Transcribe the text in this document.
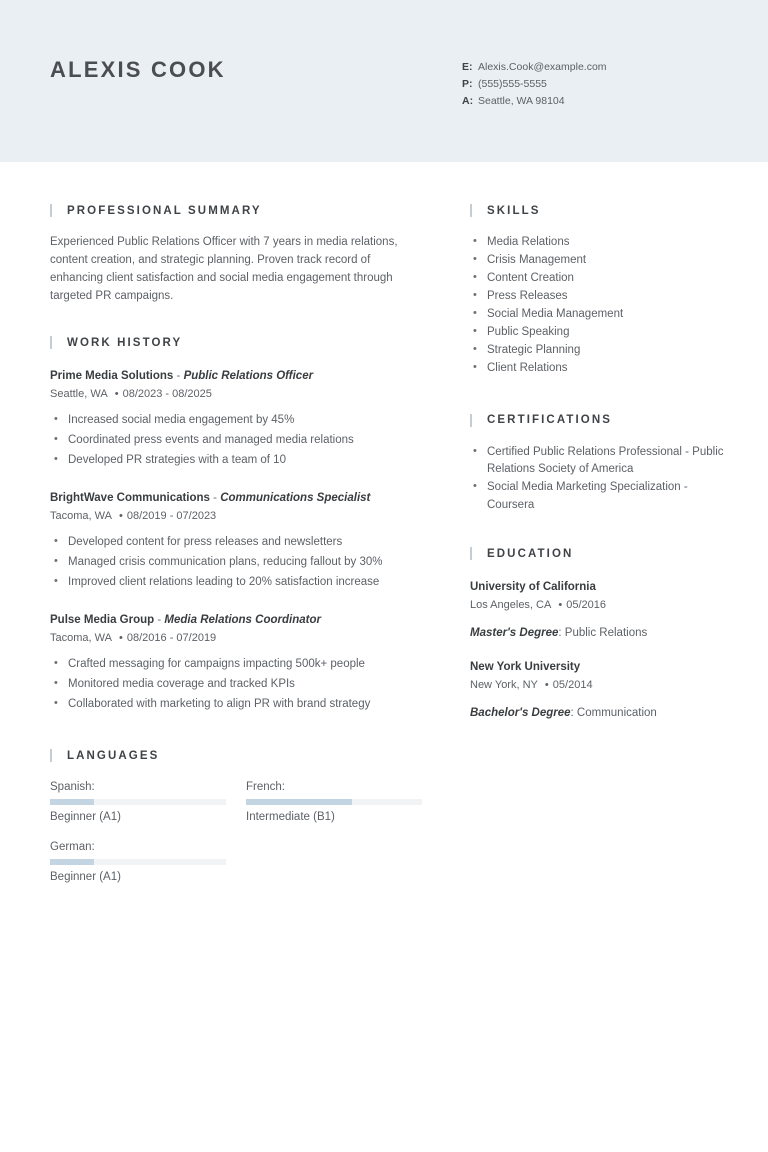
ALEXIS COOK	E: Alexis.Cook@example.com
P: (555)555-5555
A: Seattle, WA 98104
PROFESSIONAL SUMMARY
Experienced Public Relations Officer with 7 years in media relations, content creation, and strategic planning. Proven track record of enhancing client satisfaction and social media engagement through targeted PR campaigns.
WORK HISTORY
Prime Media Solutions - Public Relations Officer
Seattle, WA • 08/2023 - 08/2025
• Increased social media engagement by 45%
• Coordinated press events and managed media relations
• Developed PR strategies with a team of 10
BrightWave Communications - Communications Specialist
Tacoma, WA • 08/2019 - 07/2023
• Developed content for press releases and newsletters
• Managed crisis communication plans, reducing fallout by 30%
• Improved client relations leading to 20% satisfaction increase
Pulse Media Group - Media Relations Coordinator
Tacoma, WA • 08/2016 - 07/2019
• Crafted messaging for campaigns impacting 500k+ people
• Monitored media coverage and tracked KPIs
• Collaborated with marketing to align PR with brand strategy
LANGUAGES
Spanish:
Beginner (A1)
French:
Intermediate (B1)
German:
Beginner (A1)
SKILLS
• Media Relations
• Crisis Management
• Content Creation
• Press Releases
• Social Media Management
• Public Speaking
• Strategic Planning
• Client Relations
CERTIFICATIONS
• Certified Public Relations Professional - Public Relations Society of America
• Social Media Marketing Specialization - Coursera
EDUCATION
University of California
Los Angeles, CA • 05/2016
Master's Degree: Public Relations
New York University
New York, NY • 05/2014
Bachelor's Degree: Communication
